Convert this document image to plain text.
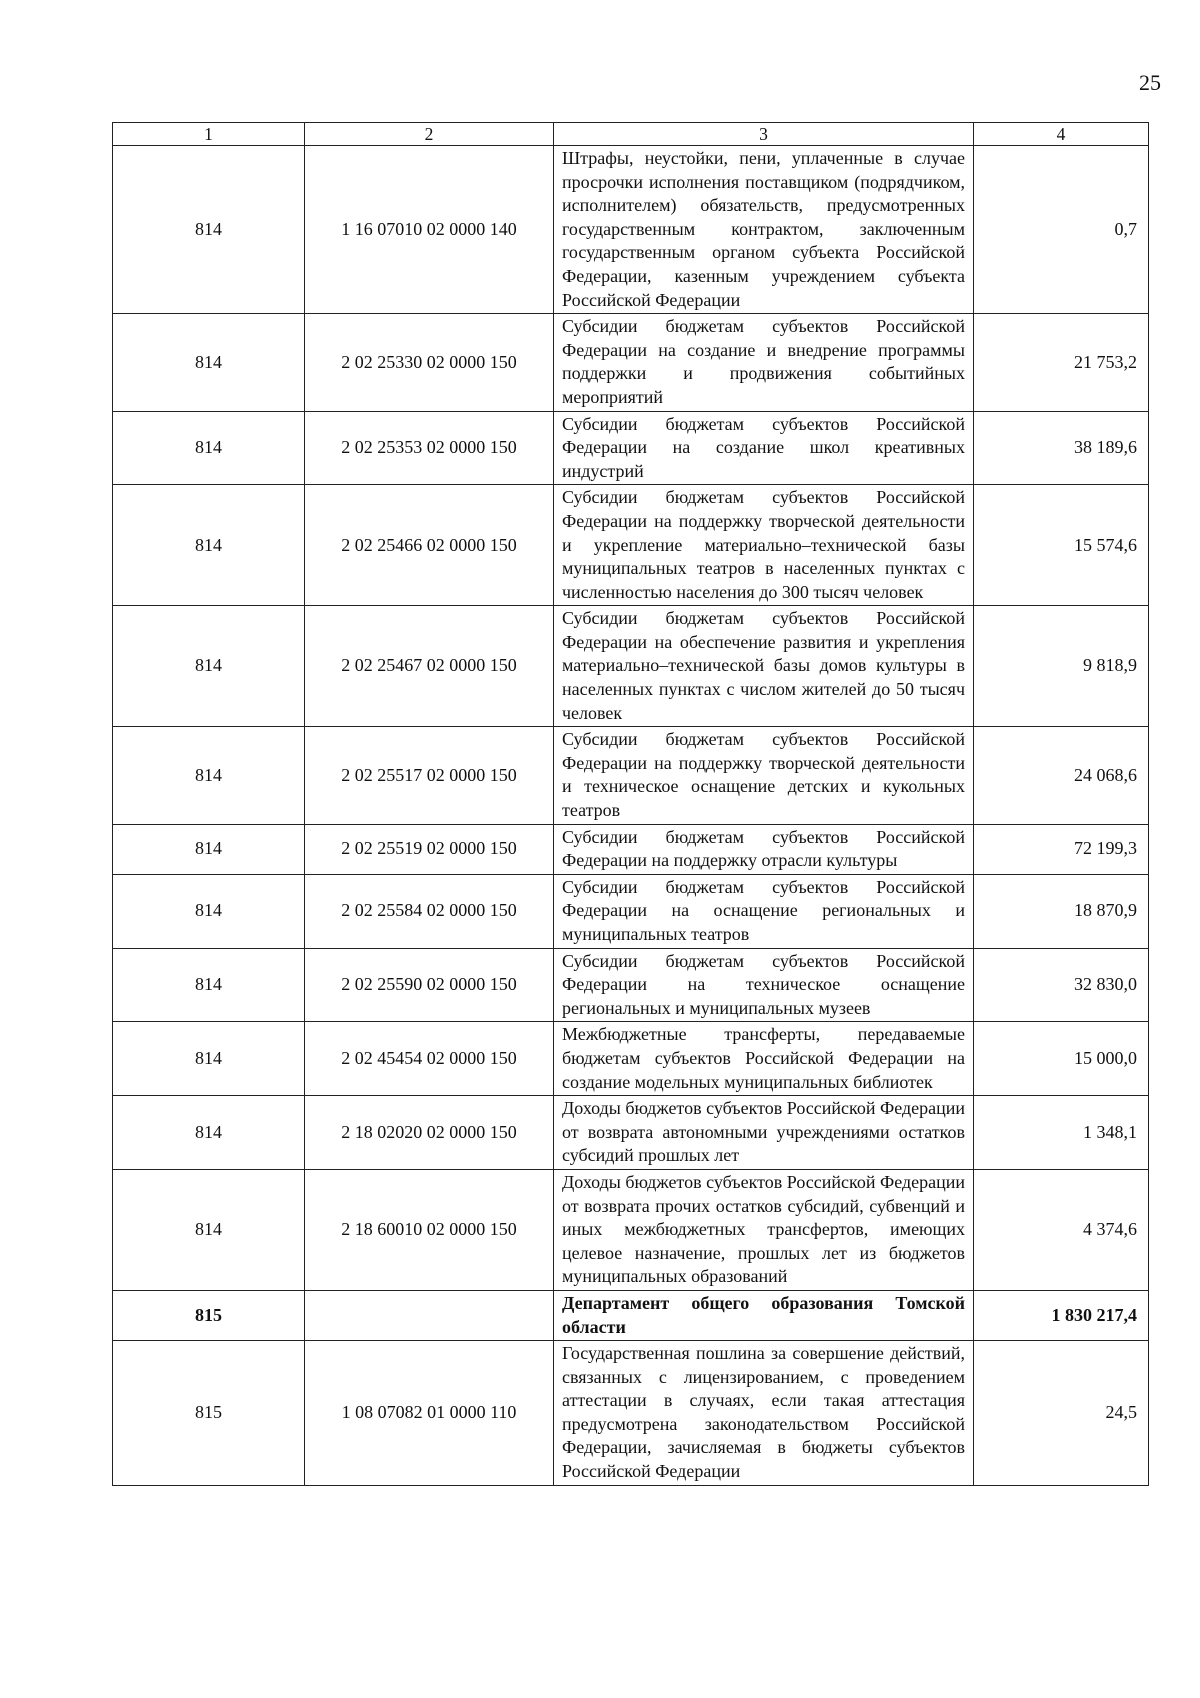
25
1	2	3	4
814	1 16 07010 02 0000 140	Штрафы, неустойки, пени, уплаченные в случае просрочки исполнения поставщиком (подрядчиком, исполнителем) обязательств, предусмотренных государственным контрактом, заключенным государственным органом субъекта Российской Федерации, казенным учреждением субъекта Российской Федерации	0,7
814	2 02 25330 02 0000 150	Субсидии бюджетам субъектов Российской Федерации на создание и внедрение программы поддержки и продвижения событийных мероприятий	21 753,2
814	2 02 25353 02 0000 150	Субсидии бюджетам субъектов Российской Федерации на создание школ креативных индустрий	38 189,6
814	2 02 25466 02 0000 150	Субсидии бюджетам субъектов Российской Федерации на поддержку творческой деятельности и укрепление материально–технической базы муниципальных театров в населенных пунктах с численностью населения до 300 тысяч человек	15 574,6
814	2 02 25467 02 0000 150	Субсидии бюджетам субъектов Российской Федерации на обеспечение развития и укрепления материально–технической базы домов культуры в населенных пунктах с числом жителей до 50 тысяч человек	9 818,9
814	2 02 25517 02 0000 150	Субсидии бюджетам субъектов Российской Федерации на поддержку творческой деятельности и техническое оснащение детских и кукольных театров	24 068,6
814	2 02 25519 02 0000 150	Субсидии бюджетам субъектов Российской Федерации на поддержку отрасли культуры	72 199,3
814	2 02 25584 02 0000 150	Субсидии бюджетам субъектов Российской Федерации на оснащение региональных и муниципальных театров	18 870,9
814	2 02 25590 02 0000 150	Субсидии бюджетам субъектов Российской Федерации на техническое оснащение региональных и муниципальных музеев	32 830,0
814	2 02 45454 02 0000 150	Межбюджетные трансферты, передаваемые бюджетам субъектов Российской Федерации на создание модельных муниципальных библиотек	15 000,0
814	2 18 02020 02 0000 150	Доходы бюджетов субъектов Российской Федерации от возврата автономными учреждениями остатков субсидий прошлых лет	1 348,1
814	2 18 60010 02 0000 150	Доходы бюджетов субъектов Российской Федерации от возврата прочих остатков субсидий, субвенций и иных межбюджетных трансфертов, имеющих целевое назначение, прошлых лет из бюджетов муниципальных образований	4 374,6
815		Департамент общего образования Томской области	1 830 217,4
815	1 08 07082 01 0000 110	Государственная пошлина за совершение действий, связанных с лицензированием, с проведением аттестации в случаях, если такая аттестация предусмотрена законодательством Российской Федерации, зачисляемая в бюджеты субъектов Российской Федерации	24,5
